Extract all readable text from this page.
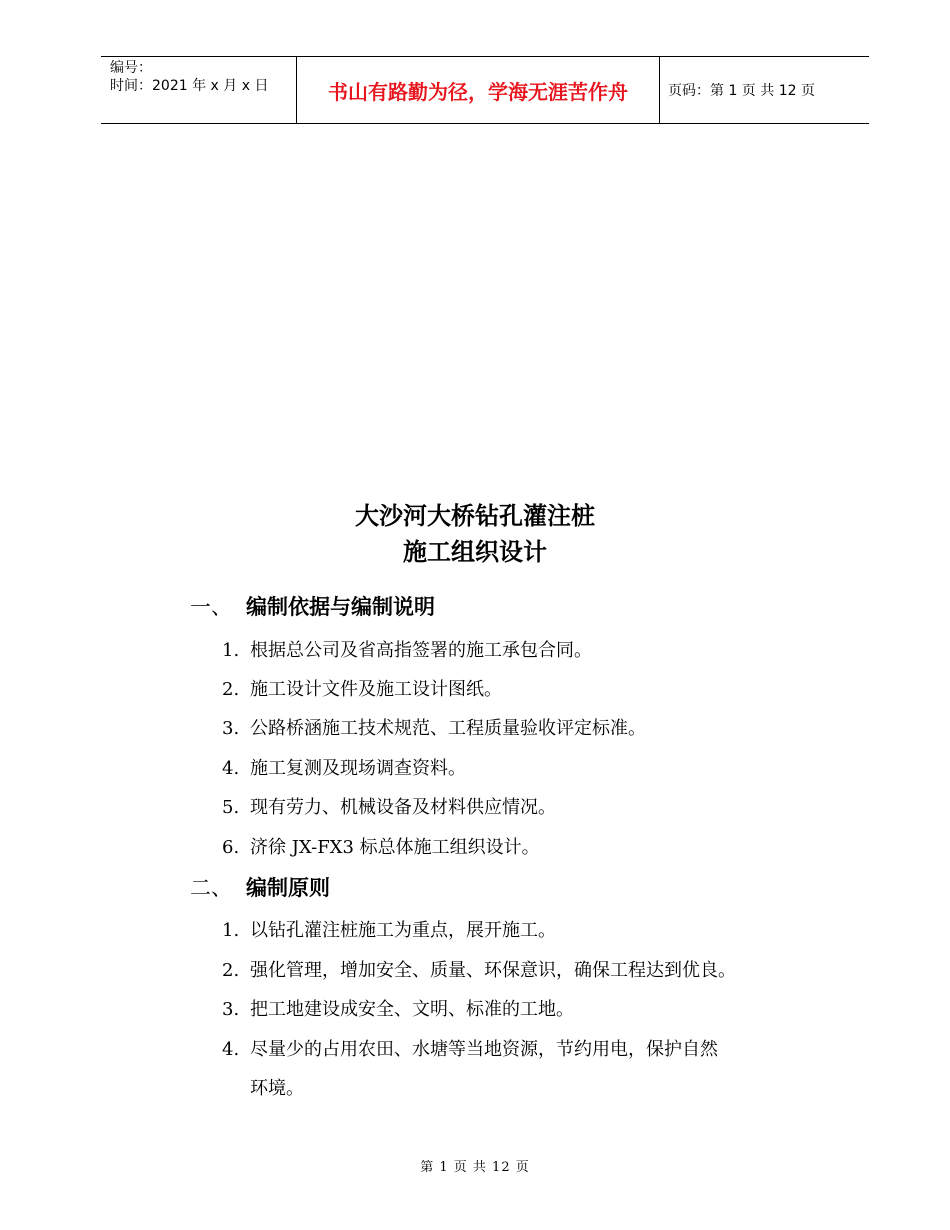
编号：
时间：2021 年 x 月 x 日	书山有路勤为径，学海无涯苦作舟	页码：第 1 页 共 12 页
大沙河大桥钻孔灌注桩
施工组织设计
一、 编制依据与编制说明
1. 根据总公司及省高指签署的施工承包合同。
2. 施工设计文件及施工设计图纸。
3. 公路桥涵施工技术规范、工程质量验收评定标准。
4. 施工复测及现场调查资料。
5. 现有劳力、机械设备及材料供应情况。
6. 济徐 JX-FX3 标总体施工组织设计。
二、 编制原则
1. 以钻孔灌注桩施工为重点，展开施工。
2. 强化管理，增加安全、质量、环保意识，确保工程达到优良。
3. 把工地建设成安全、文明、标准的工地。
4. 尽量少的占用农田、水塘等当地资源，节约用电，保护自然
环境。
第 1 页 共 12 页
